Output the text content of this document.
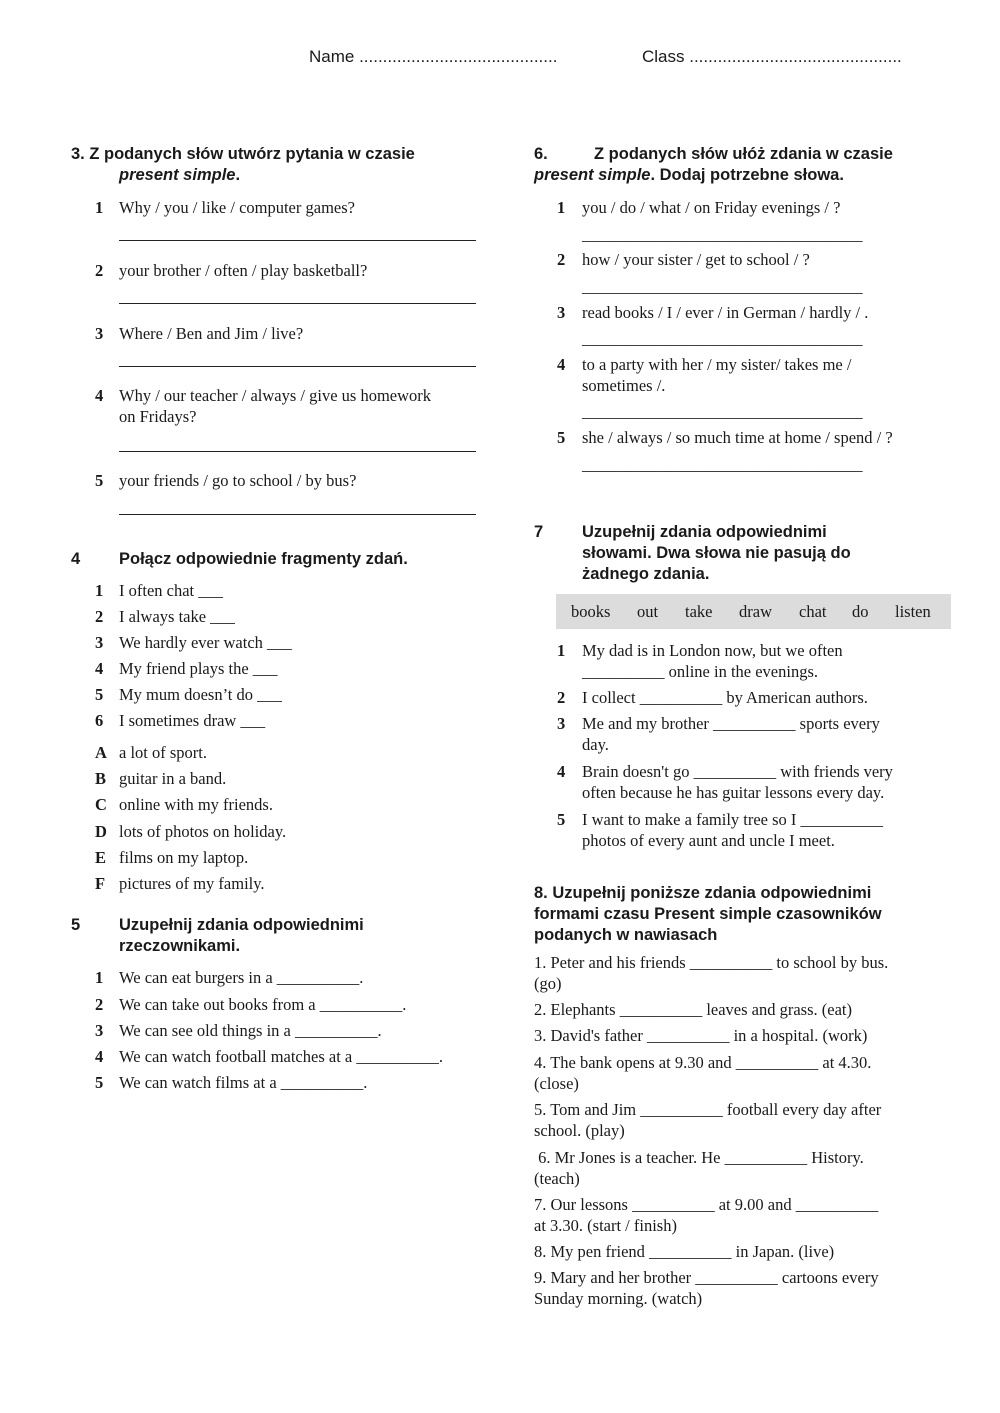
Name ..........................................	Class .............................................
3. Z podanych słów utwórz pytania w czasie
present simple.
1 Why / you / like / computer games?
2 your brother / often / play basketball?
3 Where / Ben and Jim / live?
4 Why / our teacher / always / give us homework
on Fridays?
5 your friends / go to school / by bus?
4 Połącz odpowiednie fragmenty zdań.
1 I often chat ___
2 I always take ___
3 We hardly ever watch ___
4 My friend plays the ___
5 My mum doesn’t do ___
6 I sometimes draw ___
A a lot of sport.
B guitar in a band.
C online with my friends.
D lots of photos on holiday.
E films on my laptop.
F pictures of my family.
5 Uzupełnij zdania odpowiednimi
rzeczownikami.
1 We can eat burgers in a __________.
2 We can take out books from a __________.
3 We can see old things in a __________.
4 We can watch football matches at a __________.
5 We can watch films at a __________.
6.	Z podanych słów ułóż zdania w czasie
present simple. Dodaj potrzebne słowa.
1 you / do / what / on Friday evenings / ?
__________________________________
2 how / your sister / get to school / ?
__________________________________
3 read books / I / ever / in German / hardly / .
__________________________________
4 to a party with her / my sister/ takes me /
sometimes /.
__________________________________
5 she / always / so much time at home / spend / ?
__________________________________
7 Uzupełnij zdania odpowiednimi
słowami. Dwa słowa nie pasują do
żadnego zdania.
books out take draw chat do listen
1 My dad is in London now, but we often
__________ online in the evenings.
2 I collect __________ by American authors.
3 Me and my brother __________ sports every
day.
4 Brain doesn't go __________ with friends very
often because he has guitar lessons every day.
5 I want to make a family tree so I __________
photos of every aunt and uncle I meet.
8. Uzupełnij poniższe zdania odpowiednimi
formami czasu Present simple czasowników
podanych w nawiasach
1. Peter and his friends __________ to school by bus.
(go)
2. Elephants __________ leaves and grass. (eat)
3. David's father __________ in a hospital. (work)
4. The bank opens at 9.30 and __________ at 4.30.
(close)
5. Tom and Jim __________ football every day after
school. (play)
6. Mr Jones is a teacher. He __________ History.
(teach)
7. Our lessons __________ at 9.00 and __________
at 3.30. (start / finish)
8. My pen friend __________ in Japan. (live)
9. Mary and her brother __________ cartoons every
Sunday morning. (watch)
